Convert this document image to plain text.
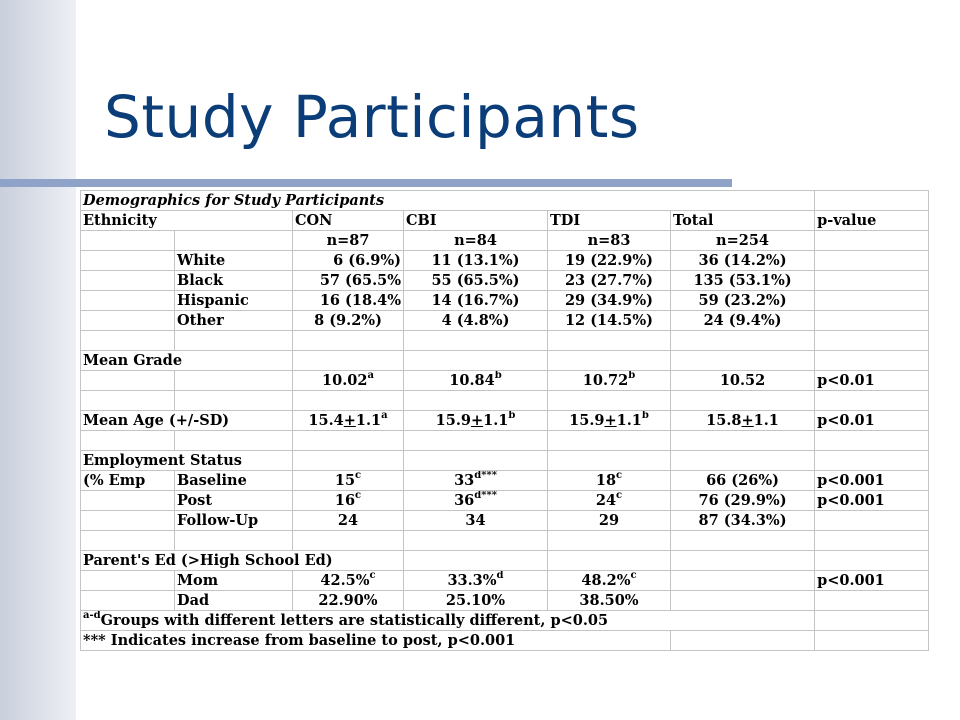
Study Participants
Demographics for Study Participants						
Ethnicity		CON	CBI	TDI	Total	p-value
		n=87	n=84	n=83	n=254	
	White	6 (6.9%)	11 (13.1%)	19 (22.9%)	36 (14.2%)	
	Black	57 (65.5%	55 (65.5%)	23 (27.7%)	135 (53.1%)	
	Hispanic	16 (18.4%	14 (16.7%)	29 (34.9%)	59 (23.2%)	
	Other	8 (9.2%)	4 (4.8%)	12 (14.5%)	24 (9.4%)	

Mean Grade						
		10.02$^a$	10.84$^b$	10.72$^b$	10.52	p<0.01

Mean Age (+/-SD)		15.4+1.1$^a$	15.9+1.1$^b$	15.9+1.1$^b$	15.8+1.1	p<0.01

Employment Status						
(% Emp	Baseline	15$^c$	$33^{d***}$	18$^c$	66 (26%)	p<0.001
	Post	16$^c$	$36^{d***}$	24$^c$	76 (29.9%)	p<0.001
	Follow-Up	24	34	29	87 (34.3%)	

Parent's Ed (>High School Ed)						
	Mom	42.5%$^c$	33.3%$^d$	48.2%$^c$		p<0.001
	Dad	22.90%	25.10%	38.50%		
$^{a-d}$Groups with different letters are statistically different, p<0.05						
*** Indicates increase from baseline to post, p<0.001						
